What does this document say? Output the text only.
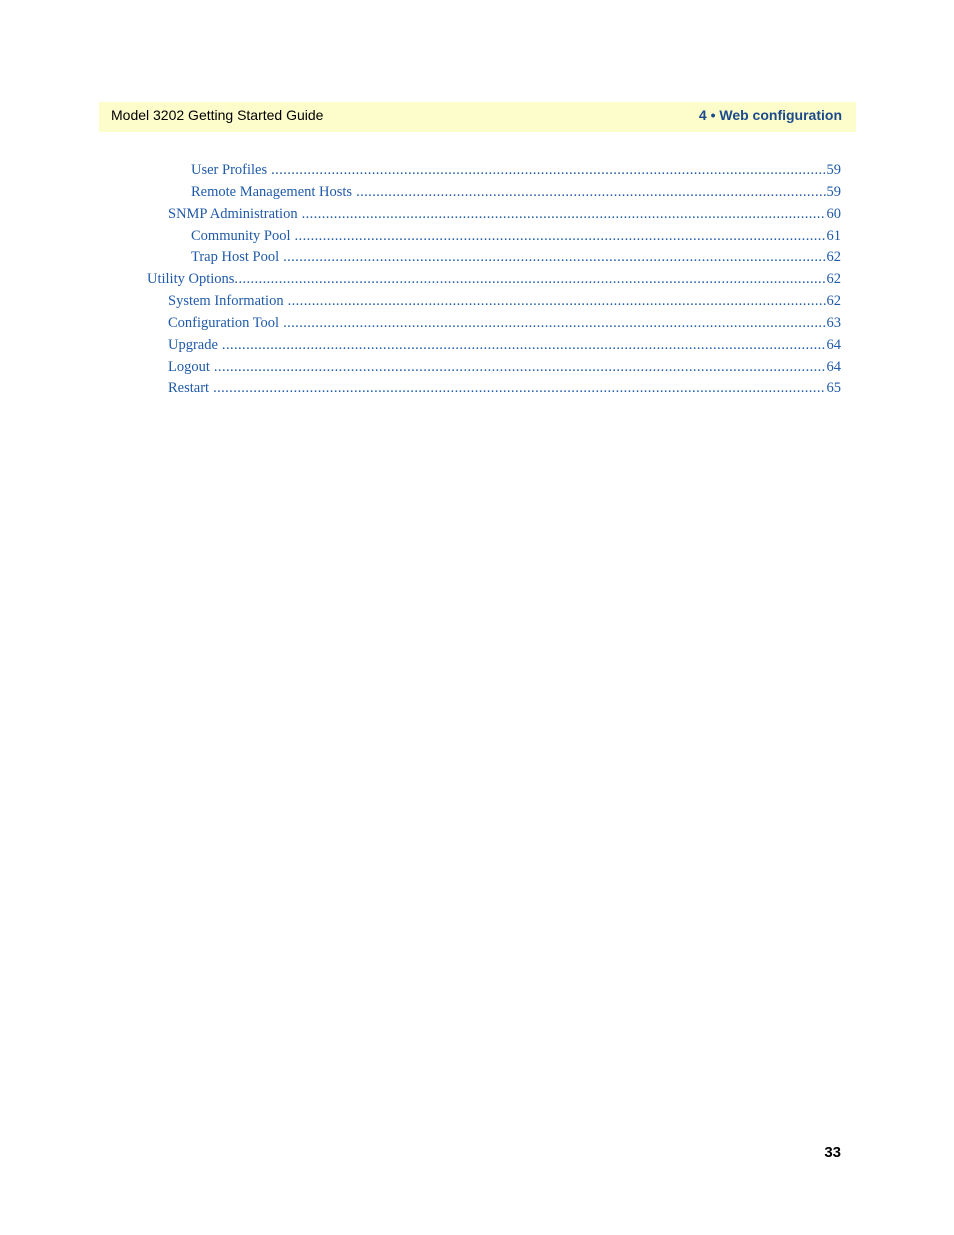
Model 3202 Getting Started Guide	4 • Web configuration
User Profiles .....	59
Remote Management Hosts .....	59
SNMP Administration .....	60
Community Pool .....	61
Trap Host Pool .....	62
Utility Options .....	62
System Information .....	62
Configuration Tool .....	63
Upgrade .....	64
Logout .....	64
Restart .....	65
33
